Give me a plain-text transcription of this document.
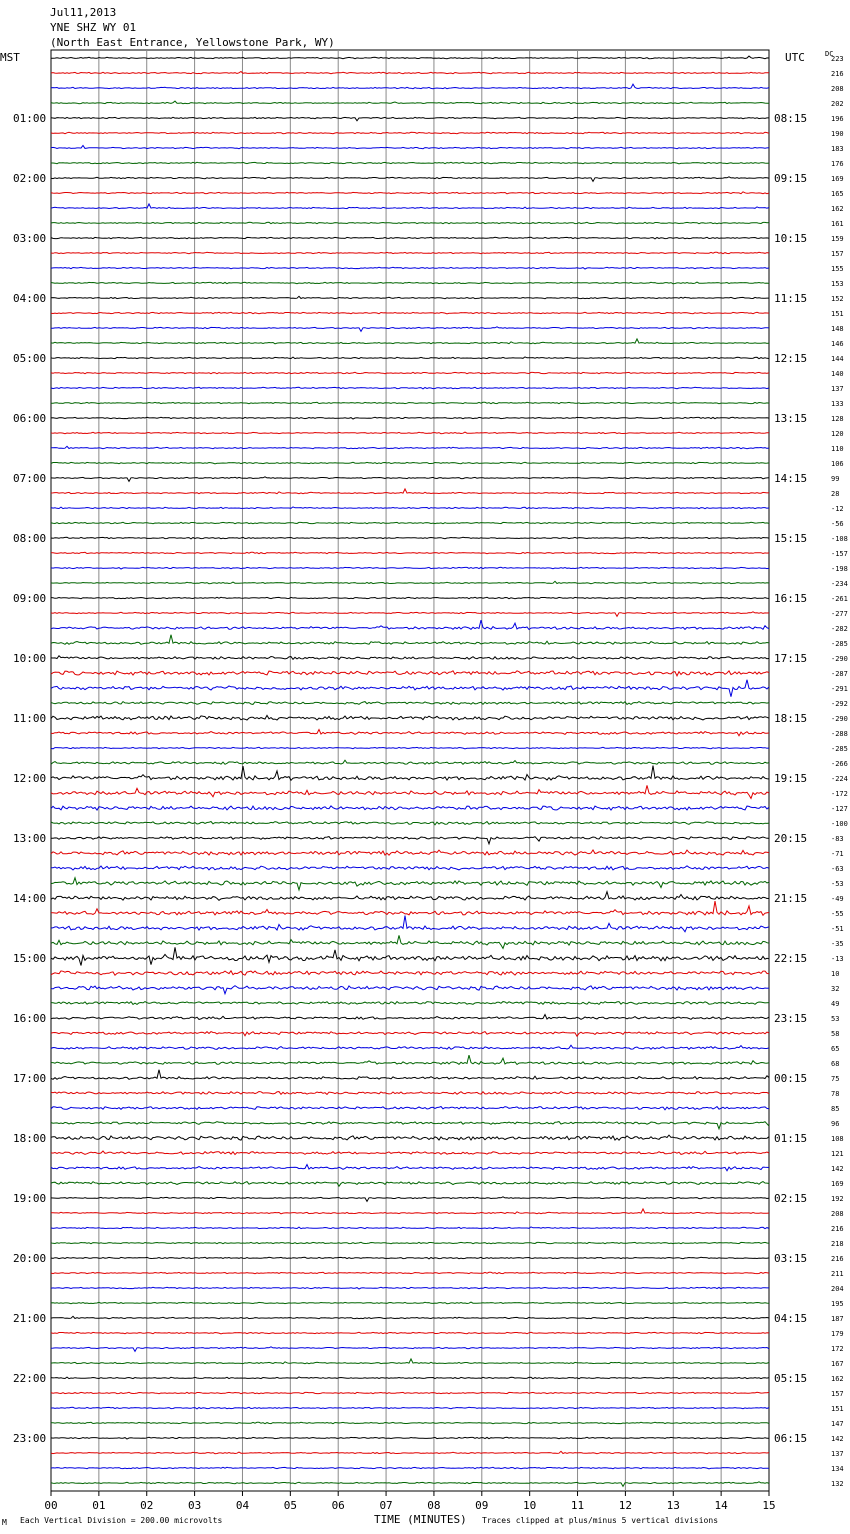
Jul11,2013
YNE SHZ WY 01
(North East Entrance, Yellowstone Park, WY)
MST	UTC	DC
223
216
208
202
196
190
183
176
169
165
162
161
159
157
155
153
152
151
148
146
144
140
137
133
128
120
110
106
99
28
-12
-56
-108
-157
-198
-234
-261
-277
-282
-285
-290
-287
-291
-292
-290
-288
-285
-266
-224
-172
-127
-100
-83
-71
-63
-53
-49
-55
-51
-35
-13
10
32
49
53
58
65
68
75
78
85
96
108
121
142
169
192
208
216
218
216
211
204
195
187
179
172
167
162
157
151
147
142
137
134
132
01:00
02:00
03:00
04:00
05:00
06:00
07:00
08:00
09:00
10:00
11:00
12:00
13:00
14:00
15:00
16:00
17:00
18:00
19:00
20:00
21:00
22:00
23:00
08:15
09:15
10:15
11:15
12:15
13:15
14:15
15:15
16:15
17:15
18:15
19:15
20:15
21:15
22:15
23:15
00:15
01:15
02:15
03:15
04:15
05:15
06:15
00	01	02	03	04	05	06	07	08	09	10	11	12	13	14	15
M Each Vertical Division = 200.00 microvolts	TIME (MINUTES) Traces clipped at plus/minus 5 vertical divisions
